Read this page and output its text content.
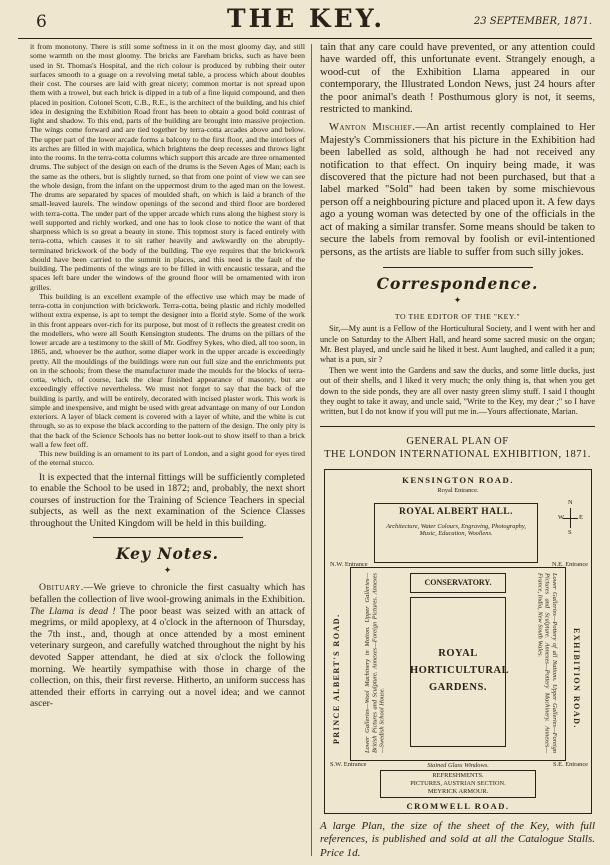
6	THE KEY.	23 SEPTEMBER, 1871.

it from monotony. There is still some softness in it on the most gloomy day, and still some warmth on the most gloomy. The bricks are Fareham bricks, such as have been used in St. Thomas's Hospital, and the rich colour is produced by rubbing their outer surfaces smooth to a guage on a revolving metal table, a process which about doubles their cost. The courses are laid with great nicety; common mortar is not spread upon them with a trowel, but each brick is dipped in a tub of a fine liquid compound, and then placed in position. Colonel Scott, C.B., R.E., is the architect of the building, and his chief idea in designing the Exhibition Road front has been to obtain a good bold contrast of light and shadow. To this end, parts of the building are brought into massive projection. The wings come forward and are tied together by terra-cotta arcades above and below. The upper part of the lower arcade forms a balcony to the first floor, and the interiors of its arches are filled in with majolica, which brightens the deep recesses and throws light into the rooms. In the terra-cotta columns which support this arcade are three ornamented drums. The subject of the design on each of the drums is the Seven Ages of Man; each is the same as the others, but is slightly turned, so that from one point of view we can see the whole design, from the infant on the uppermost drum to the aged man on the lowest. The drums are separated by spaces of moulded shaft, on which is laid a branch of the small-leaved laurels. The window openings of the second and third floor are bordered with terra-cotta. The under part of the upper arcade which runs along the highest story is well supported and richly worked, and one has to look close to notice the want of that sharpness which is so great a beauty in stone. This topmost story is faced entirely with terra-cotta, which causes it to sit rather heavily and awkwardly on the abruptly-terminated brickwork of the body of the building. The eye requires that the brickwork should have been carried to the summit in places, and this need is the fault of the building. The pediments of the wings are to be filled in with encaustic tessaræ, and the spaces left bare under the windows of the ground floor will be ornamented with iron grilles.

This building is an excellent example of the effective use which may be made of terra-cotta in conjunction with brickwork. Terra-cotta, being plastic and richly modelled without extra expense, is apt to tempt the designer into a florid style. Some of the work in this front appears over-rich for its purpose, but most of it reflects the greatest credit on the modellers, who were all South Kensington students. The drums on the pillars of the lower arcade are a testimony to the skill of Mr. Godfrey Sykes, who died, all too soon, in 1865, and, whoever be the author, some diaper work in the upper arcade is exceedingly pretty. All the mouldings of the buildings were run out full size and the enrichments put on in the schools; from these the manufacturer made the moulds for the blocks of terra-cotta, which, of course, lack the clear finished appearance of masonry, but are exceedingly effective nevertheless. We must not forget to say that the back of the building is partly, and will be entirely, decorated with incised plaster work. This work is simple and inexpensive, and might be used with great advantage on many of our London exteriors. A layer of black cement is covered with a layer of white, and the white is cut through, so as to expose the black according to the pattern of the design. The only pity is that the back of the Science Schools has no better look-out to show itself to than a brick wall a few feet off.

This new building is an ornament to its part of London, and a sight good for eyes tired of the eternal stucco.

It is expected that the internal fittings will be sufficiently completed to enable the School to be used in 1872; and, probably, the next short courses of instruction for the Training of Science Teachers in special subjects, as well as the next examination of the Science Classes throughout the United Kingdom will be held in this building.

Key Notes.
✦

Obituary.—We grieve to chronicle the first casualty which has befallen the collection of live wool-growing animals in the Exhibition. The Llama is dead ! The poor beast was seized with an attack of megrims, or mild apoplexy, at 4 o'clock in the afternoon of Thursday, the 7th inst., and, though at once attended by a most eminent veterinary surgeon, and carefully watched throughout the night by his devoted Sapper attendant, he died at six o'clock the following morning. We heartily sympathise with those in charge of the collection, on this, their first reverse. Hitherto, an uniform success has attended their efforts in carrying out a novel idea; and we cannot ascer-

tain that any care could have prevented, or any attention could have warded off, this unfortunate event. Strangely enough, a wood-cut of the Exhibition Llama appeared in our contemporary, the Illustrated London News, just 24 hours after the poor animal's death ! Posthumous glory is not, it seems, restricted to mankind.

Wanton Mischief.—An artist recently complained to Her Majesty's Commissioners that his picture in the Exhibition had been labelled as sold, although he had not received any notification to that effect. On inquiry being made, it was discovered that the picture had not been purchased, but that a label marked "Sold" had been taken by some mischievous person off a neighbouring picture and placed upon it. A few days ago a young woman was detected by one of the officials in the act of making a similar transfer. Some means should be taken to secure the labels from removal by foolish or evil-intentioned persons, as the artists are liable to suffer from such silly jokes.

Correspondence.
✦

TO THE EDITOR OF THE "KEY."

Sir,—My aunt is a Fellow of the Horticultural Society, and I went with her and uncle on Saturday to the Albert Hall, and heard some sacred music on the organ; Mr. Best played, and uncle said he liked it best. Aunt laughed, and called it a pun; what is a pun, sir ?

Then we went into the Gardens and saw the ducks, and some little ducks, just out of their shells, and I liked it very much; the only thing is, that when you get down to the side ponds, they are all over nasty green slimy stuff. I said I thought they ought to take it away, and uncle said, "Write to the Key, my dear ;" so I have written, but I do not know if you will put me in.—Yours affectionate, Marian.

GENERAL PLAN OF

THE LONDON INTERNATIONAL EXHIBITION, 1871.

KENSINGTON ROAD.
Royal Entrance.
N
S
E
W
ROYAL ALBERT HALL.
Architecture, Water Colours, Engraving, Photography, Music, Education, Woollens.
N.W. Entrance	N.E. Entrance
PRINCE ALBERT'S ROAD.	EXHIBITION ROAD.
Lower Galleries—Wool Machinery in Motion. Upper Galleries—British Pictures and Sculpture. Annexes—Foreign Pictures. Annexes—Swedish School House.	Lower Galleries—Pottery of all Nations. Upper Galleries—Foreign Pictures and Sculpture. Annexes—Pottery Machinery. Annexes—France, India, New South Wales.
CONSERVATORY.
ROYAL
HORTICULTURAL
GARDENS.
S.W. Entrance	S.E. Entrance
Stained Glass Windows.
REFRESHMENTS.
PICTURES, AUSTRIAN SECTION.
MEYRICK ARMOUR.
CROMWELL ROAD.

A large Plan, the size of the sheet of the Key, with full references, is published and sold at all the Catalogue Stalls. Price 1d.
